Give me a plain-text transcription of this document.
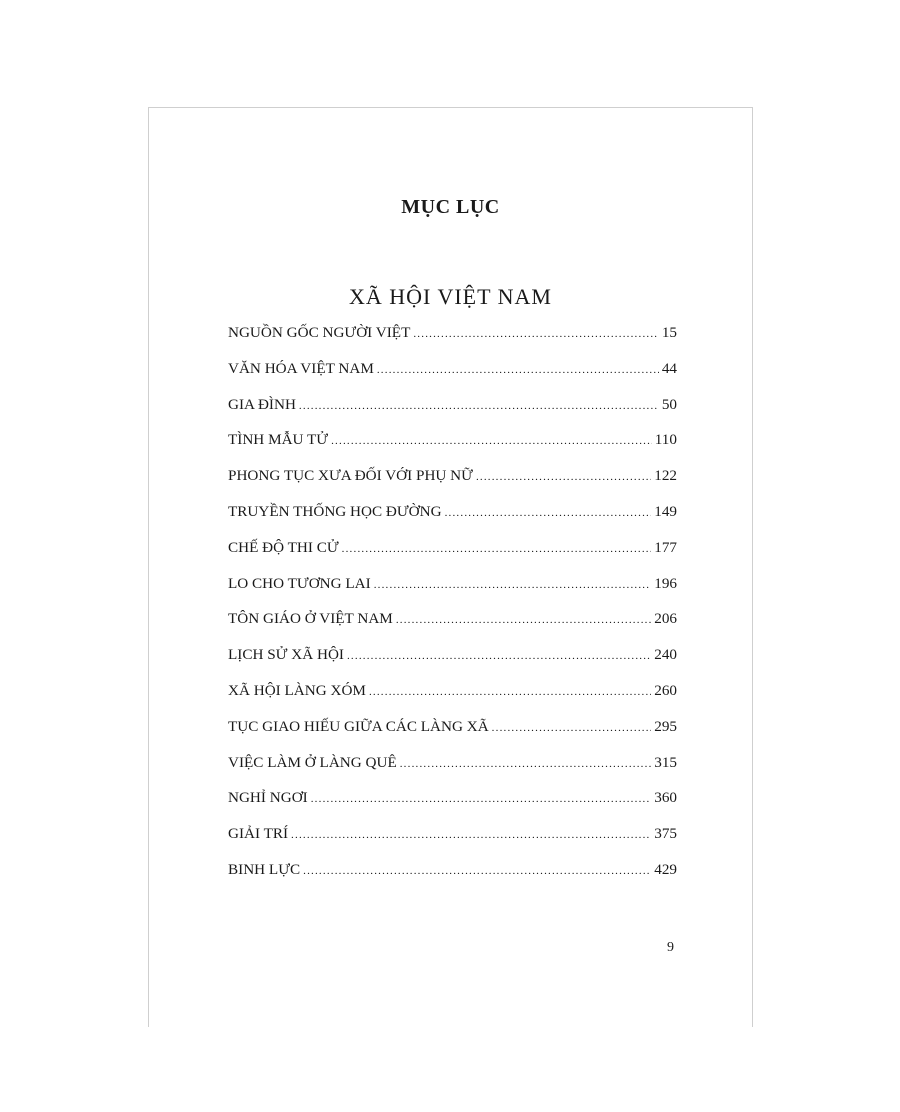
MỤC LỤC
XÃ HỘI VIỆT NAM
NGUỒN GỐC NGƯỜI VIỆT .....	15
VĂN HÓA VIỆT NAM .....	44
GIA ĐÌNH .....	50
TÌNH MẪU TỬ .....	110
PHONG TỤC XƯA ĐỐI VỚI PHỤ NỮ .....	122
TRUYỀN THỐNG HỌC ĐƯỜNG .....	149
CHẾ ĐỘ THI CỬ .....	177
LO CHO TƯƠNG LAI .....	196
TÔN GIÁO Ở VIỆT NAM .....	206
LỊCH SỬ XÃ HỘI .....	240
XÃ HỘI LÀNG XÓM .....	260
TỤC GIAO HIẾU GIỮA CÁC LÀNG XÃ .....	295
VIỆC LÀM Ở LÀNG QUÊ .....	315
NGHỈ NGƠI .....	360
GIẢI TRÍ .....	375
BINH LỰC .....	429
9
